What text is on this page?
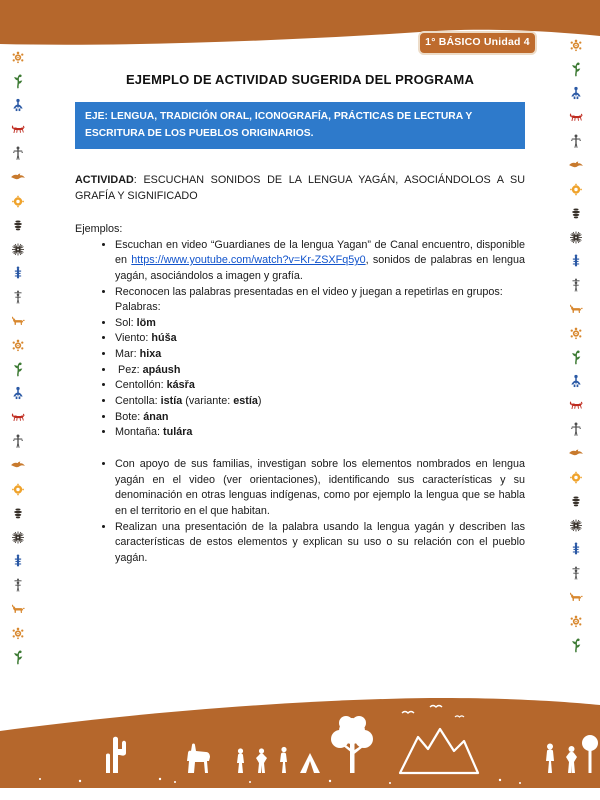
1° BÁSICO Unidad 4
EJEMPLO DE ACTIVIDAD SUGERIDA DEL PROGRAMA
EJE: LENGUA, TRADICIÓN ORAL, ICONOGRAFÍA, PRÁCTICAS DE LECTURA Y ESCRITURA DE LOS PUEBLOS ORIGINARIOS.

ACTIVIDAD: ESCUCHAN SONIDOS DE LA LENGUA YAGÁN, ASOCIÁNDOLOS A SU GRAFÍA Y SIGNIFICADO

Ejemplos:

• Escuchan en video “Guardianes de la lengua Yagan” de Canal encuentro, disponible en https://www.youtube.com/watch?v=Kr-ZSXFq5y0, sonidos de palabras en lengua yagán, asociándolos a imagen y grafía.
• Reconocen las palabras presentadas en el video y juegan a repetirlas en grupos:
Palabras:
• Sol: löm
• Viento: húša
• Mar: hixa
•  Pez: apáush
• Centollón: kásřa
• Centolla: istía (variante: estía)
• Bote: ánan
• Montaña: tulára
• Con apoyo de sus familias, investigan sobre los elementos nombrados en lengua yagán en el video (ver orientaciones), identificando sus características y su denominación en otras lenguas indígenas, como por ejemplo la lengua que se habla en el territorio en el que habitan.
• Realizan una presentación de la palabra usando la lengua yagán y describen las características de estos elementos y explican su uso o su relación con el pueblo yagán.
